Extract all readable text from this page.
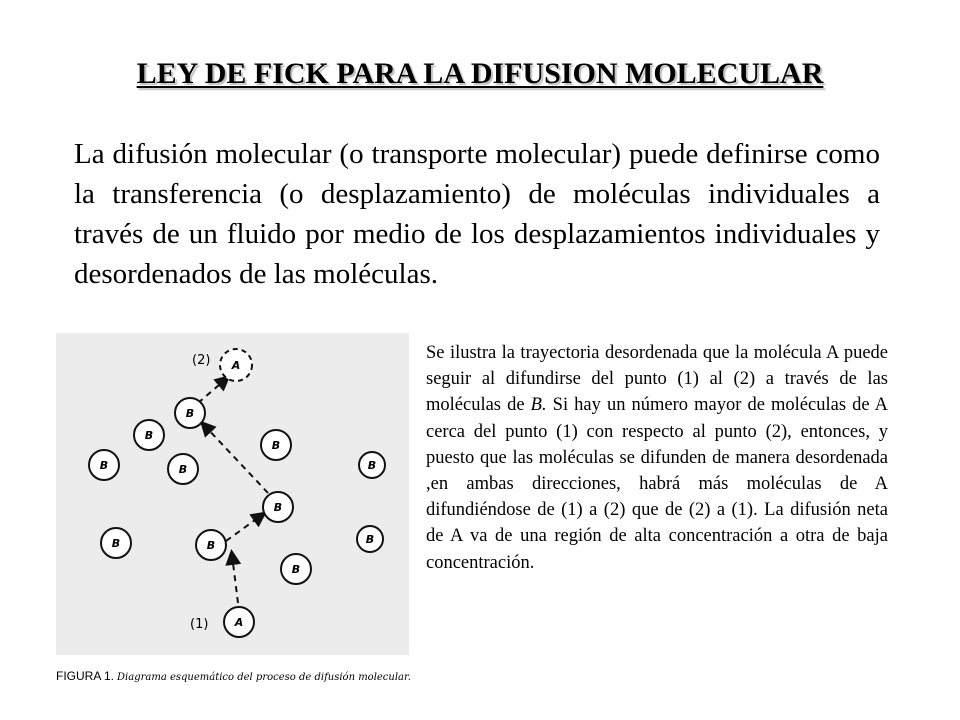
LEY DE FICK PARA LA DIFUSION MOLECULAR

La difusión molecular (o transporte molecular) puede definirse como la transferencia (o desplazamiento) de moléculas individuales a través de un fluido por medio de los desplazamientos individuales y desordenados de las moléculas.

B
B
B	B
B
B
B
B	B	B
B
A
A
(1)
(2)	Se ilustra la trayectoria desordenada que la molécula A puede seguir al difundirse del punto (1) al (2) a través de las moléculas de B. Si hay un número mayor de moléculas de A cerca del punto (1) con respecto al punto (2), entonces, y puesto que las moléculas se difunden de manera desordenada ,en ambas direcciones, habrá más moléculas de A difundiéndose de (1) a (2) que de (2) a (1). La difusión neta de A va de una región de alta concentración a otra de baja concentración.

FIGURA 1. Diagrama esquemático del proceso de difusión molecular.
